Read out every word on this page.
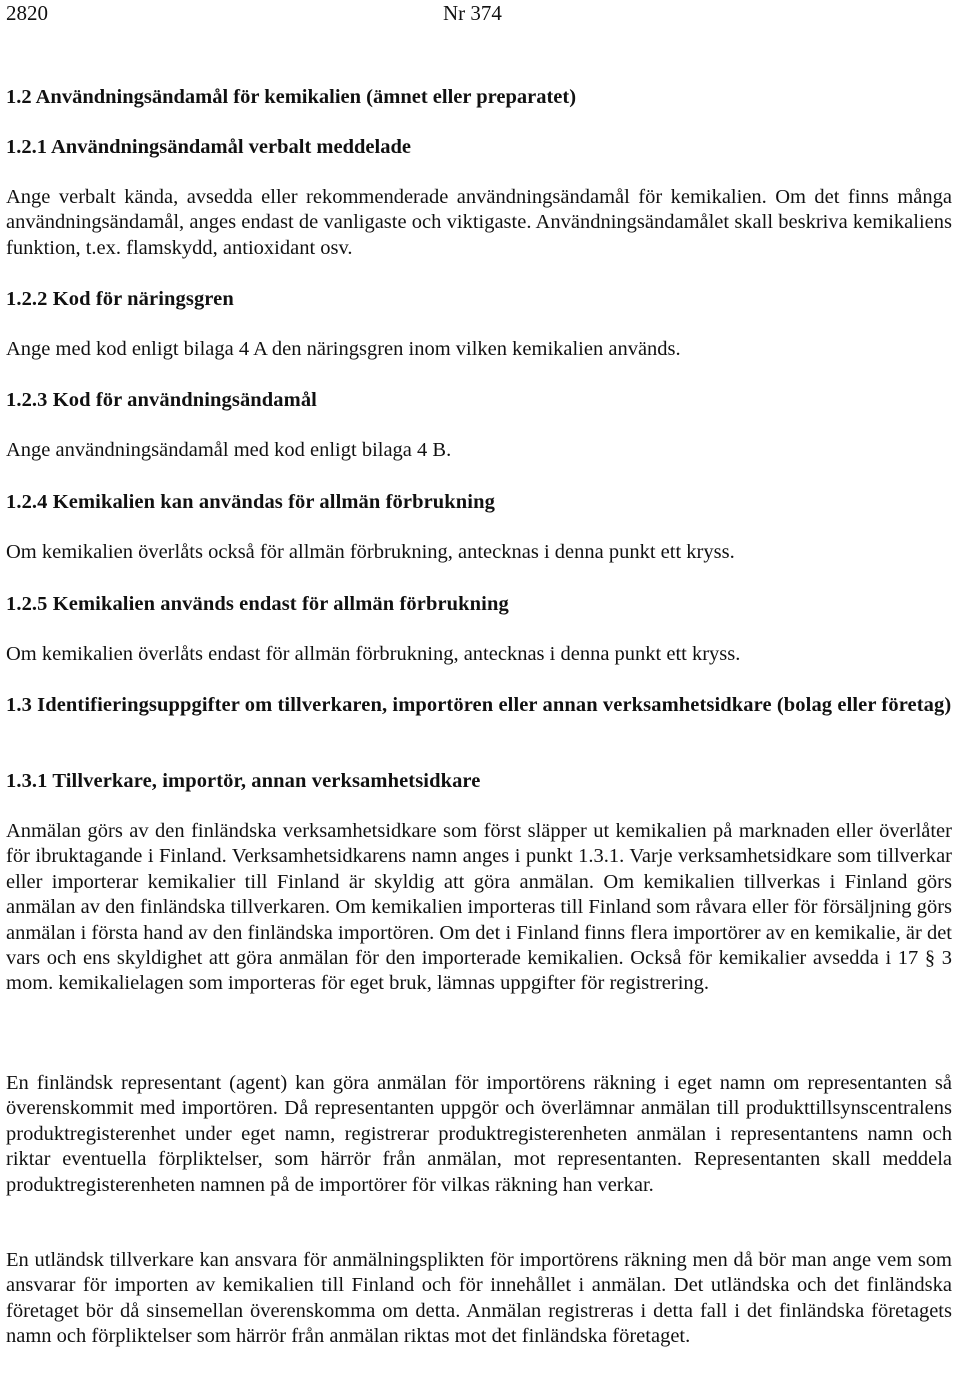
2820	Nr 374
1.2 Användningsändamål för kemikalien (ämnet eller preparatet)
1.2.1 Användningsändamål verbalt meddelade

Ange verbalt kända, avsedda eller rekommenderade användningsändamål för kemikalien. Om det finns många användningsändamål, anges endast de vanligaste och viktigaste. Användningsändamålet skall beskriva kemikaliens funktion, t.ex. flamskydd, antioxidant osv.

1.2.2 Kod för näringsgren

Ange med kod enligt bilaga 4 A den näringsgren inom vilken kemikalien används.

1.2.3 Kod för användningsändamål

Ange användningsändamål med kod enligt bilaga 4 B.

1.2.4 Kemikalien kan användas för allmän förbrukning

Om kemikalien överlåts också för allmän förbrukning, antecknas i denna punkt ett kryss.

1.2.5 Kemikalien används endast för allmän förbrukning

Om kemikalien överlåts endast för allmän förbrukning, antecknas i denna punkt ett kryss.

1.3 Identifieringsuppgifter om tillverkaren, importören eller annan verksamhetsidkare (bolag eller företag)
1.3.1 Tillverkare, importör, annan verksamhetsidkare

Anmälan görs av den finländska verksamhetsidkare som först släpper ut kemikalien på marknaden eller överlåter för ibruktagande i Finland. Verksamhetsidkarens namn anges i punkt 1.3.1. Varje verksamhetsidkare som tillverkar eller importerar kemikalier till Finland är skyldig att göra anmälan. Om kemikalien tillverkas i Finland görs anmälan av den finländska tillverkaren. Om kemikalien importeras till Finland som råvara eller för försäljning görs anmälan i första hand av den finländska importören. Om det i Finland finns flera importörer av en kemikalie, är det vars och ens skyldighet att göra anmälan för den importerade kemikalien. Också för kemikalier avsedda i 17 § 3 mom. kemikalielagen som importeras för eget bruk, lämnas uppgifter för registrering.

En finländsk representant (agent) kan göra anmälan för importörens räkning i eget namn om representanten så överenskommit med importören. Då representanten uppgör och överlämnar anmälan till produkttillsynscentralens produktregisterenhet under eget namn, registrerar produktregisterenheten anmälan i representantens namn och riktar eventuella förpliktelser, som härrör från anmälan, mot representanten. Representanten skall meddela produktregisterenheten namnen på de importörer för vilkas räkning han verkar.

En utländsk tillverkare kan ansvara för anmälningsplikten för importörens räkning men då bör man ange vem som ansvarar för importen av kemikalien till Finland och för innehållet i anmälan. Det utländska och det finländska företaget bör då sinsemellan överenskomma om detta. Anmälan registreras i detta fall i det finländska företagets namn och förpliktelser som härrör från anmälan riktas mot det finländska företaget.
